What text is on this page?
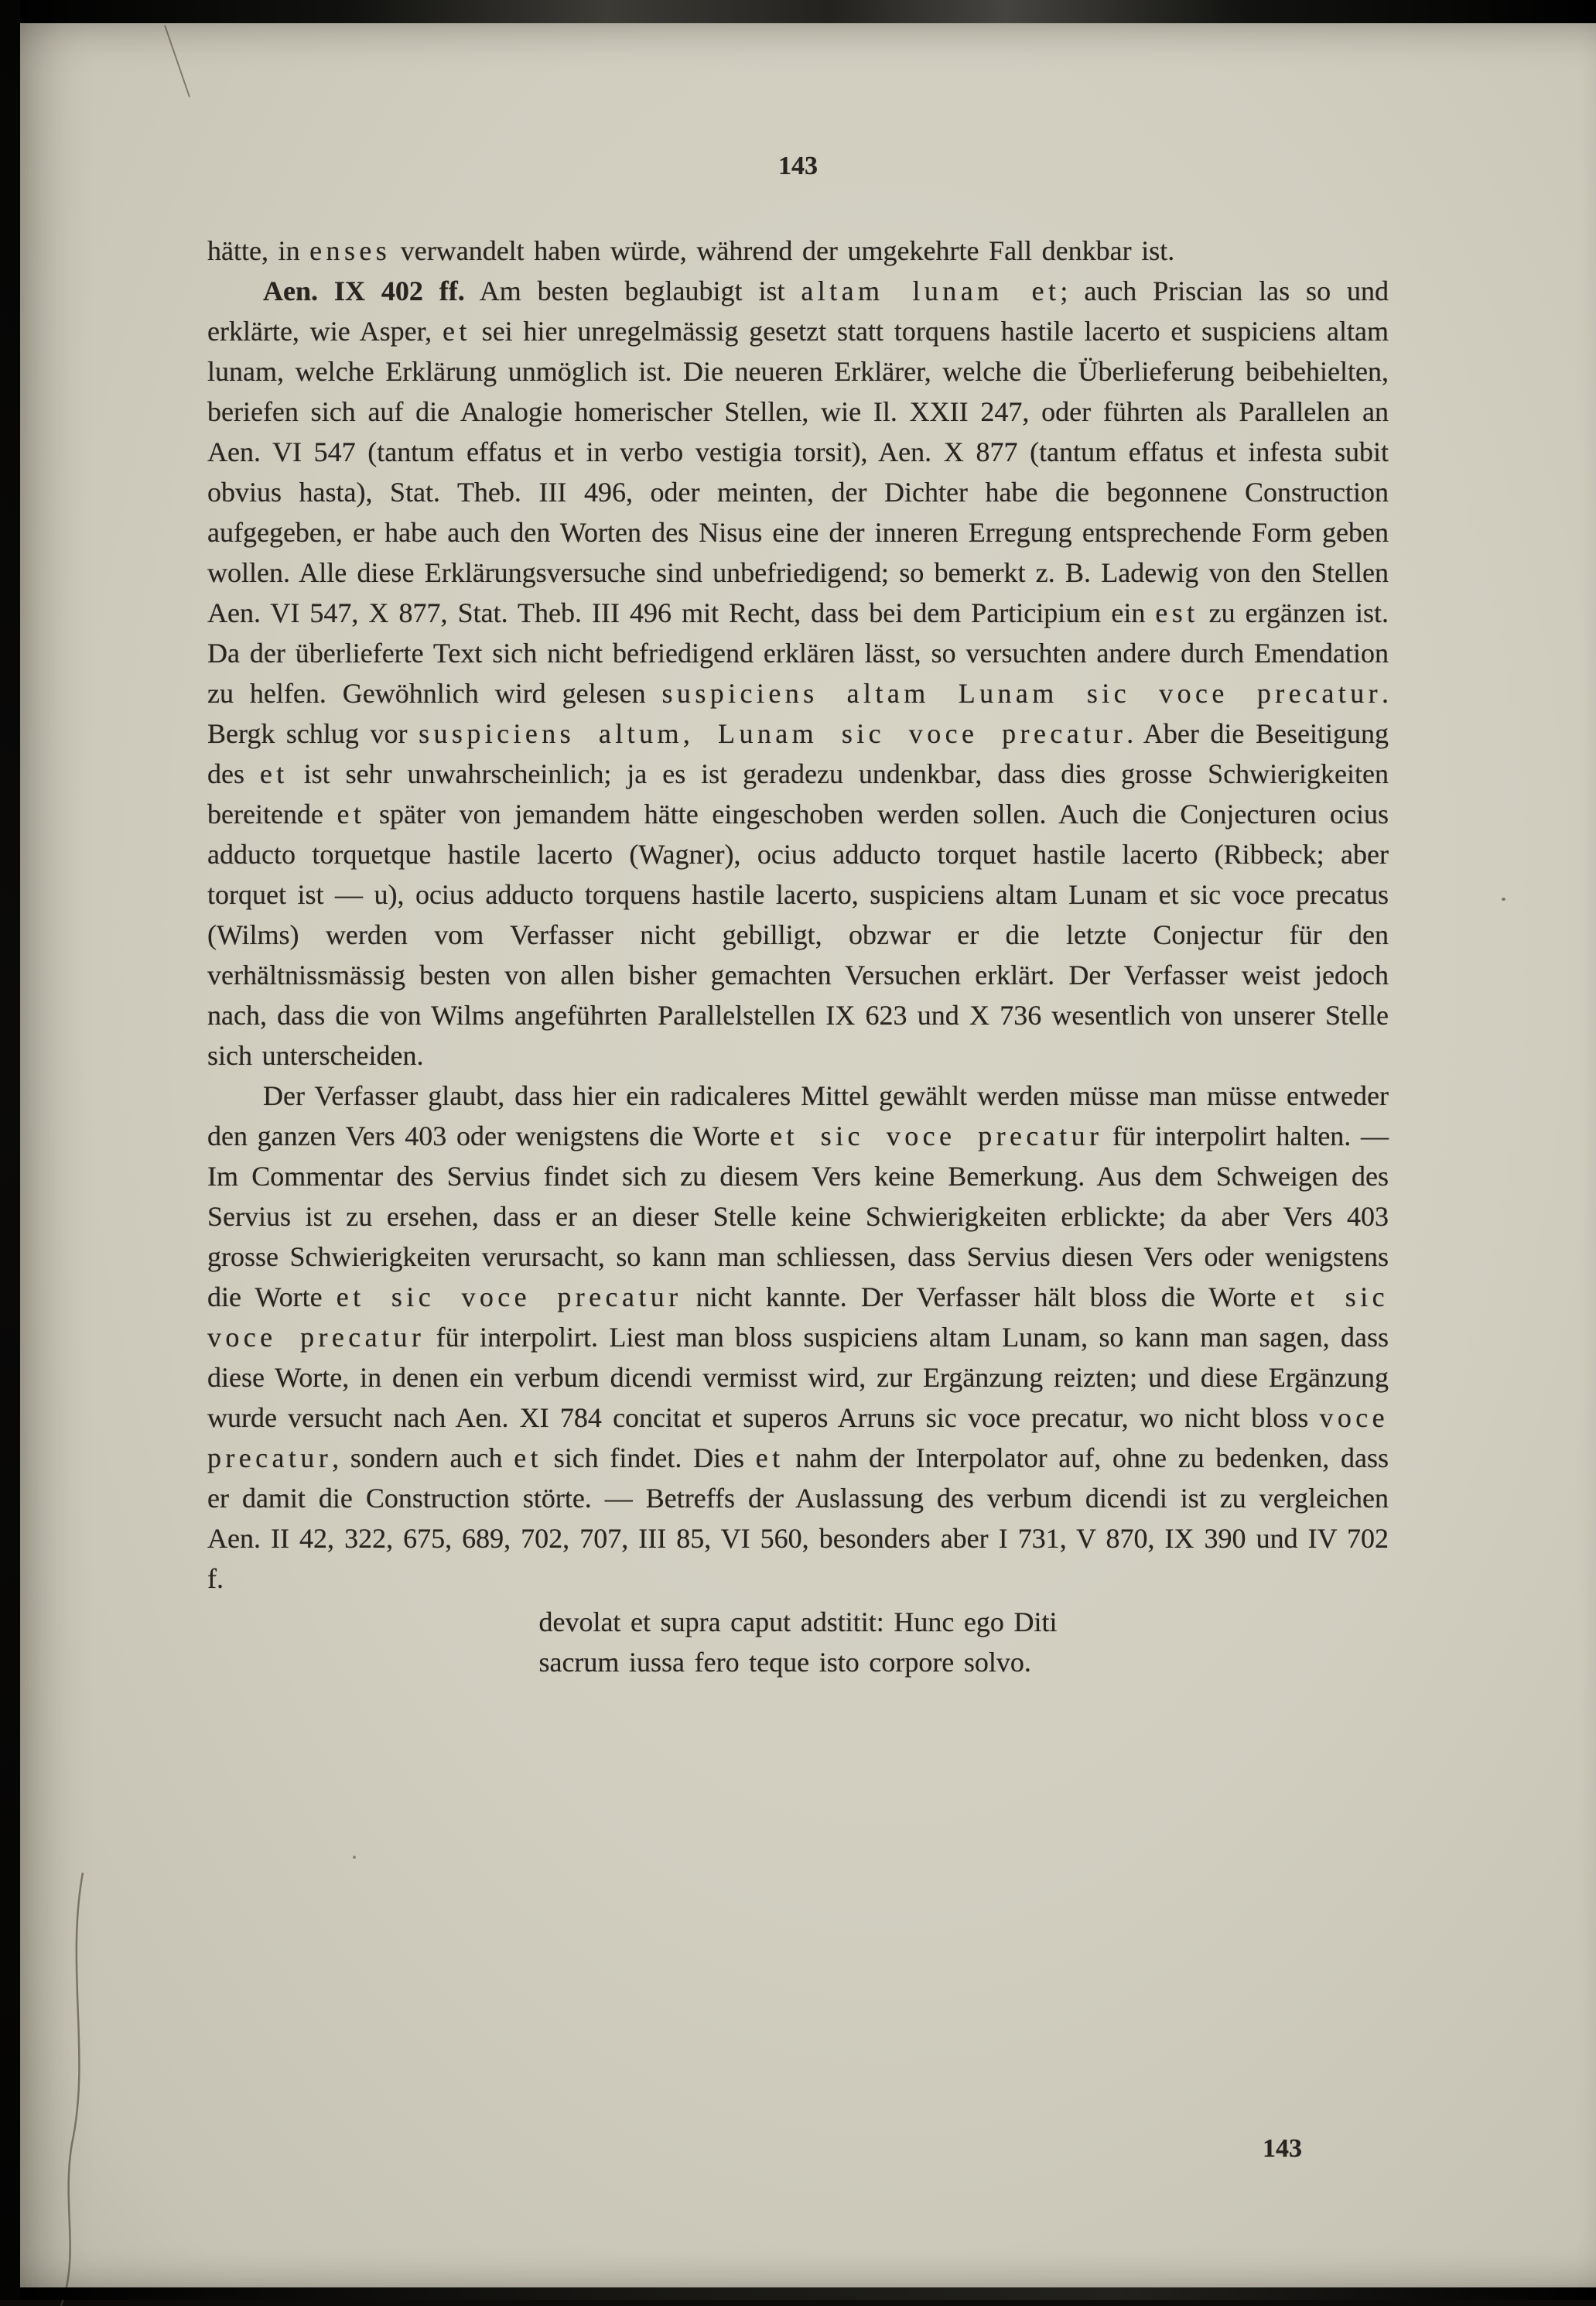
143

hätte, in enses verwandelt haben würde, während der umgekehrte Fall denkbar ist.

Aen. IX 402 ff. Am besten beglaubigt ist altam lunam et; auch Priscian las so und erklärte, wie Asper, et sei hier unregelmässig gesetzt statt torquens hastile lacerto et suspiciens altam lunam, welche Erklärung unmöglich ist. Die neueren Erklärer, welche die Überlieferung beibehielten, beriefen sich auf die Analogie homerischer Stellen, wie Il. XXII 247, oder führten als Parallelen an Aen. VI 547 (tantum effatus et in verbo vestigia torsit), Aen. X 877 (tantum effatus et infesta subit obvius hasta), Stat. Theb. III 496, oder meinten, der Dichter habe die begonnene Construction aufgegeben, er habe auch den Worten des Nisus eine der inneren Erregung entsprechende Form geben wollen. Alle diese Erklärungsversuche sind unbefriedigend; so bemerkt z. B. Ladewig von den Stellen Aen. VI 547, X 877, Stat. Theb. III 496 mit Recht, dass bei dem Participium ein est zu ergänzen ist. Da der überlieferte Text sich nicht befriedigend erklären lässt, so versuchten andere durch Emendation zu helfen. Gewöhnlich wird gelesen suspiciens altam Lunam sic voce precatur. Bergk schlug vor suspiciens altum, Lunam sic voce precatur. Aber die Beseitigung des et ist sehr unwahrscheinlich; ja es ist geradezu undenkbar, dass dies grosse Schwierigkeiten bereitende et später von jemandem hätte eingeschoben werden sollen. Auch die Conjecturen ocius adducto torquetque hastile lacerto (Wagner), ocius adducto torquet hastile lacerto (Ribbeck; aber torquet ist — u), ocius adducto torquens hastile lacerto, suspiciens altam Lunam et sic voce precatus (Wilms) werden vom Verfasser nicht gebilligt, obzwar er die letzte Conjectur für den verhältnissmässig besten von allen bisher gemachten Versuchen erklärt. Der Verfasser weist jedoch nach, dass die von Wilms angeführten Parallelstellen IX 623 und X 736 wesentlich von unserer Stelle sich unterscheiden.

Der Verfasser glaubt, dass hier ein radicaleres Mittel gewählt werden müsse man müsse entweder den ganzen Vers 403 oder wenigstens die Worte et sic voce precatur für interpolirt halten. — Im Commentar des Servius findet sich zu diesem Vers keine Bemerkung. Aus dem Schweigen des Servius ist zu ersehen, dass er an dieser Stelle keine Schwierigkeiten erblickte; da aber Vers 403 grosse Schwierigkeiten verursacht, so kann man schliessen, dass Servius diesen Vers oder wenigstens die Worte et sic voce precatur nicht kannte. Der Verfasser hält bloss die Worte et sic voce precatur für interpolirt. Liest man bloss suspiciens altam Lunam, so kann man sagen, dass diese Worte, in denen ein verbum dicendi vermisst wird, zur Ergänzung reizten; und diese Ergänzung wurde versucht nach Aen. XI 784 concitat et superos Arruns sic voce precatur, wo nicht bloss voce precatur, sondern auch et sich findet. Dies et nahm der Interpolator auf, ohne zu bedenken, dass er damit die Construction störte. — Betreffs der Auslassung des verbum dicendi ist zu vergleichen Aen. II 42, 322, 675, 689, 702, 707, III 85, VI 560, besonders aber I 731, V 870, IX 390 und IV 702 f.

devolat et supra caput adstitit: Hunc ego Diti
sacrum iussa fero teque isto corpore solvo.
143
